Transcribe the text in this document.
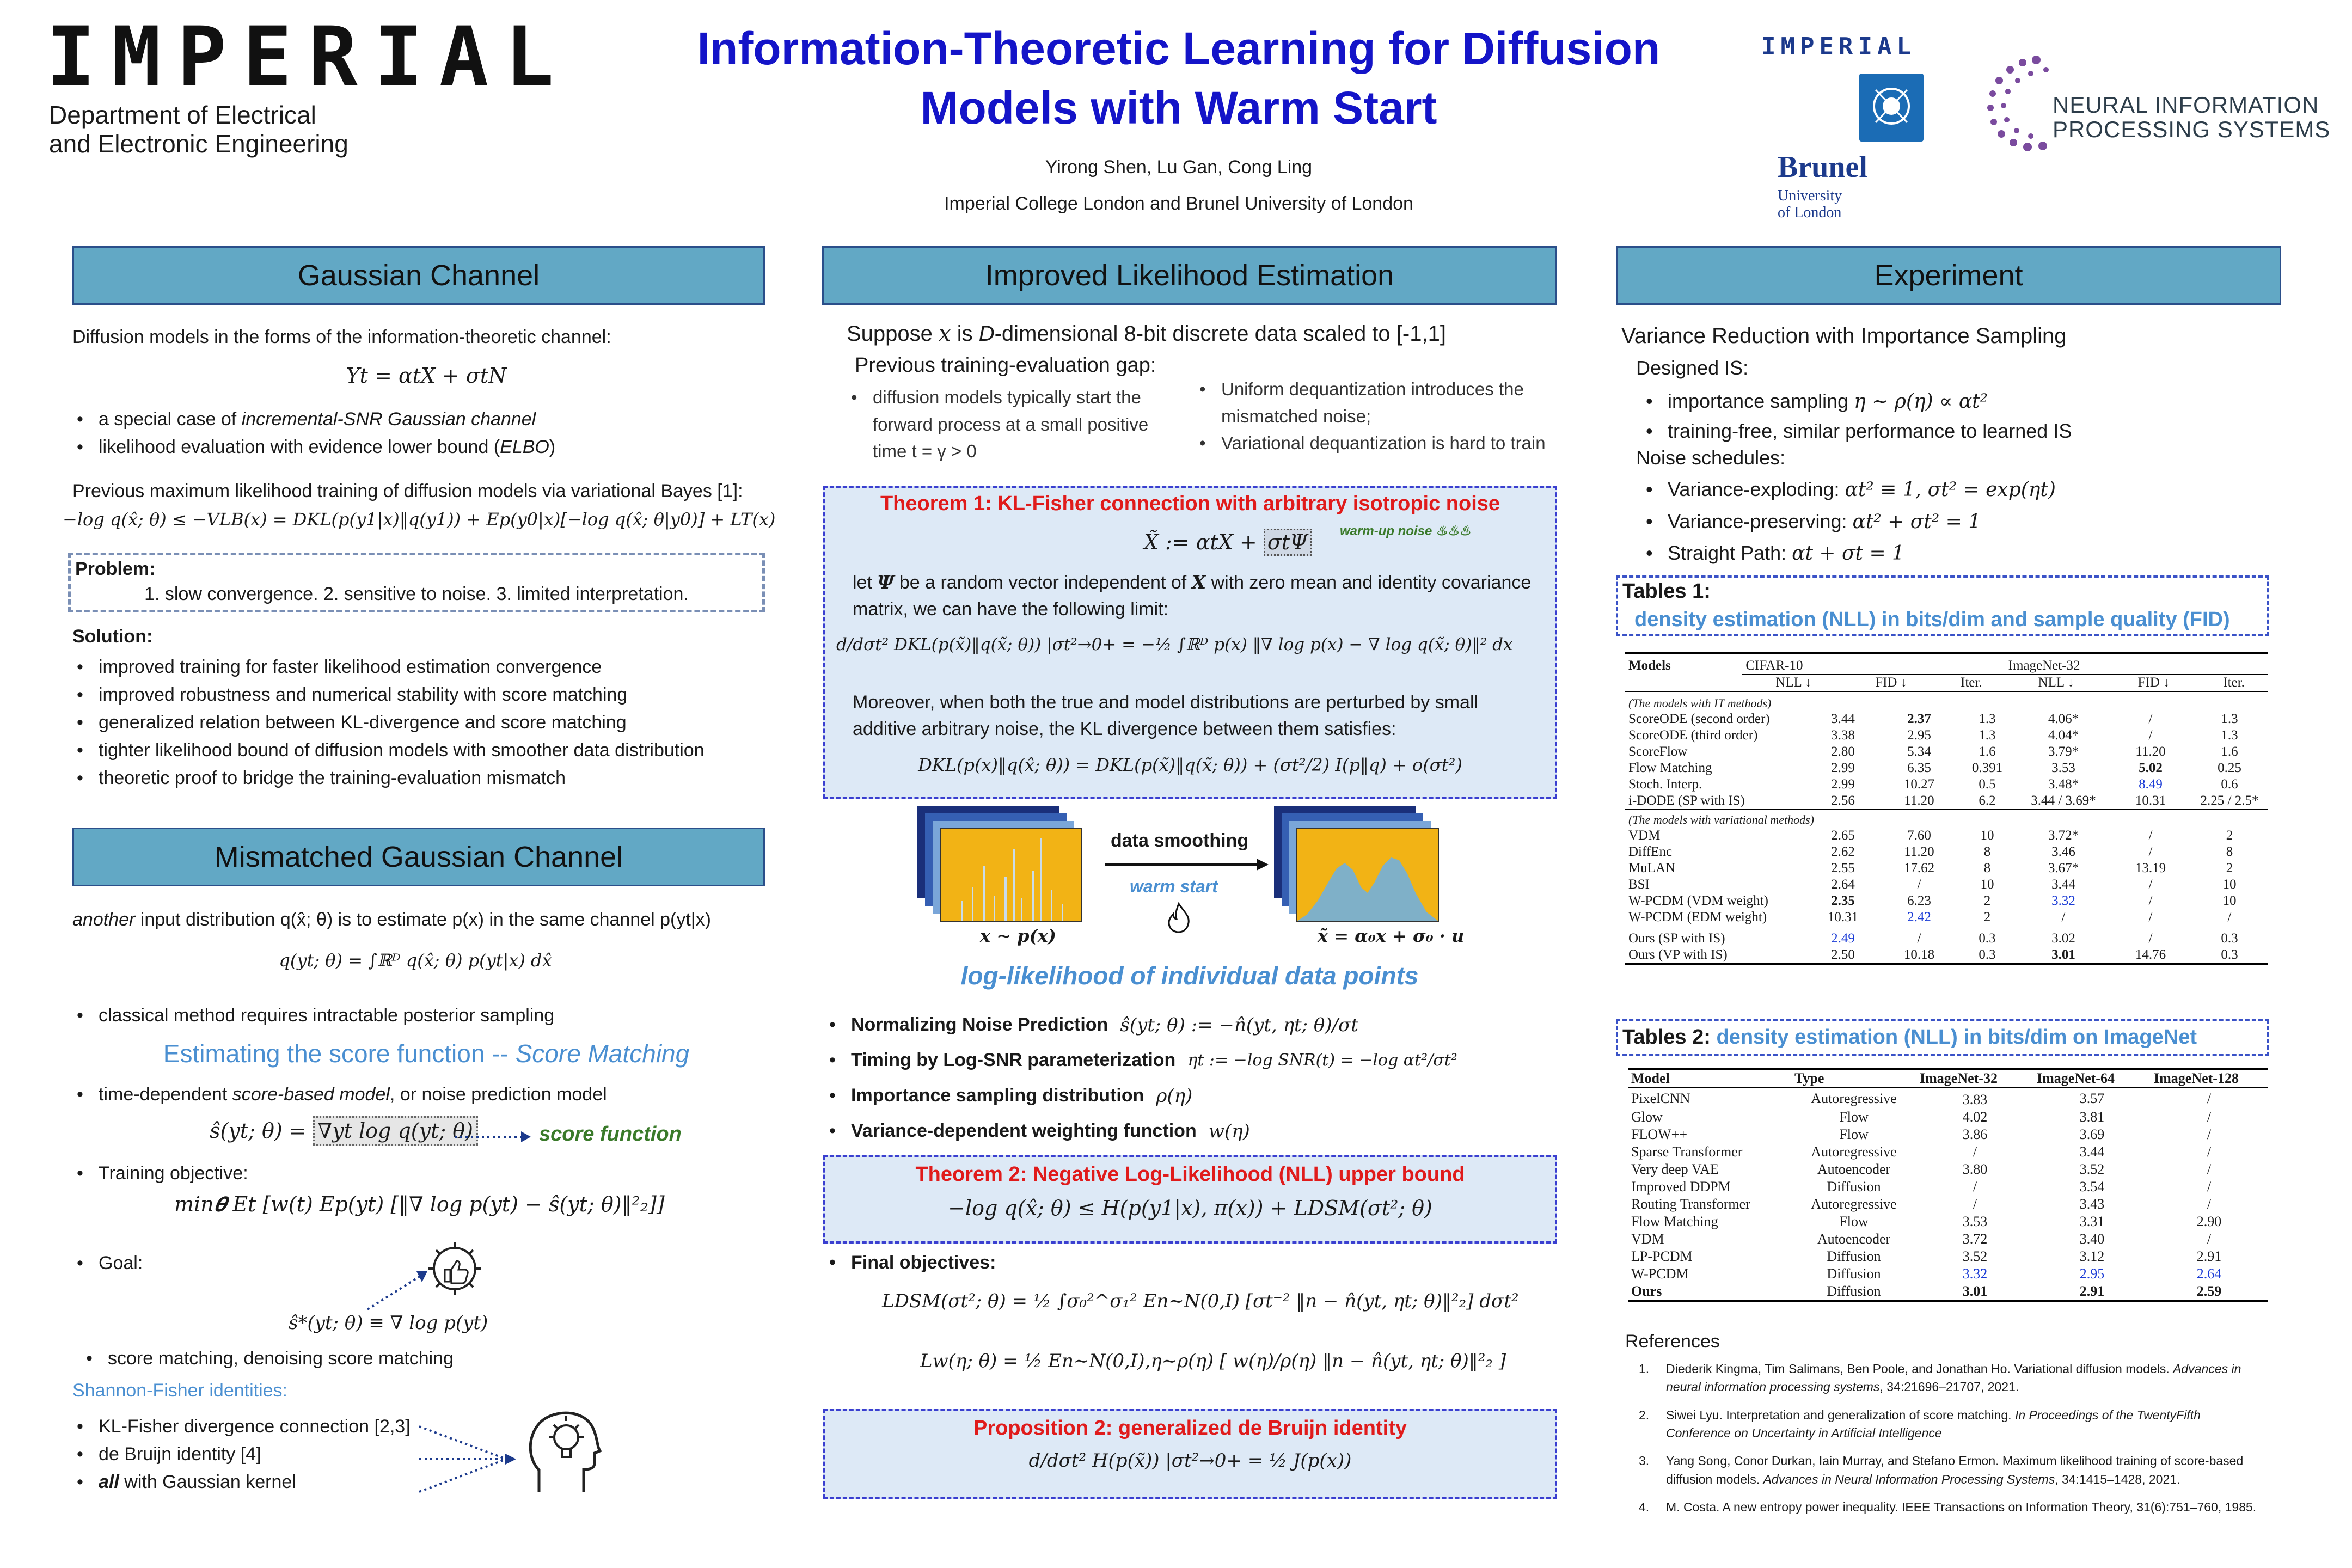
IMPERIAL
Department of Electrical
and Electronic Engineering
Information-Theoretic Learning for Diffusion
Models with Warm Start
Yirong Shen, Lu Gan, Cong Ling
Imperial College London and Brunel University of London
IMPERIAL
Brunel
University
of London
NEURAL INFORMATION
PROCESSING SYSTEMS
Gaussian Channel
Diffusion models in the forms of the information-theoretic channel:
Yt = αtX + σtN
• a special case of incremental-SNR Gaussian channel
• likelihood evaluation with evidence lower bound (ELBO)
Previous maximum likelihood training of diffusion models via variational Bayes [1]:
−log q(x̂; θ) ≤ −VLB(x) = DKL(p(y1|x)‖q(y1)) + Ep(y0|x)[−log q(x̂; θ|y0)] + LT(x)
Problem:
1. slow convergence. 2. sensitive to noise. 3. limited interpretation.
Solution:
• improved training for faster likelihood estimation convergence
• improved robustness and numerical stability with score matching
• generalized relation between KL-divergence and score matching
• tighter likelihood bound of diffusion models with smoother data distribution
• theoretic proof to bridge the training-evaluation mismatch
Mismatched Gaussian Channel
another input distribution q(x̂; θ) is to estimate p(x) in the same channel p(yt|x)
q(yt; θ) = ∫ℝᴰ q(x̂; θ) p(yt|x) dx̂
• classical method requires intractable posterior sampling
Estimating the score function -- Score Matching
• time-dependent score-based model, or noise prediction model
ŝ(yt; θ) = ∇yt log q(yt; θ)	score function
• Training objective:
min𝜽 Et [w(t) Ep(yt) [‖∇ log p(yt) − ŝ(yt; θ)‖²₂]]
• Goal:
ŝ*(yt; θ) ≡ ∇ log p(yt)
• score matching, denoising score matching
Shannon-Fisher identities:
• KL-Fisher divergence connection [2,3]
• de Bruijn identity [4]
• all with Gaussian kernel
Improved Likelihood Estimation
Suppose x is D-dimensional 8-bit discrete data scaled to [-1,1]
Previous training-evaluation gap:
• diffusion models typically start the forward process at a small positive time t = γ > 0
• Uniform dequantization introduces the mismatched noise;
• Variational dequantization is hard to train
Theorem 1: KL-Fisher connection with arbitrary isotropic noise
X̃ := αtX + σtΨ warm-up noise ♨♨♨
let Ψ be a random vector independent of X with zero mean and identity covariance matrix, we can have the following limit:
d/dσt² DKL(p(x̃)‖q(x̃; θ)) |σt²→0+ = −½ ∫ℝᴰ p(x) ‖∇ log p(x) − ∇ log q(x̃; θ)‖² dx
Moreover, when both the true and model distributions are perturbed by small additive arbitrary noise, the KL divergence between them satisfies:
DKL(p(x)‖q(x̂; θ)) = DKL(p(x̃)‖q(x̃; θ)) + (σt²/2) I(p‖q) + o(σt²)
data smoothing
warm start
x ∼ p(x)	x̃ = α₀x + σ₀ · u
log-likelihood of individual data points
• Normalizing Noise Prediction ŝ(yt; θ) := −n̂(yt, ηt; θ)/σt
• Timing by Log-SNR parameterization ηt := −log SNR(t) = −log αt²/σt²
• Importance sampling distribution ρ(η)
• Variance-dependent weighting function w(η)
Theorem 2: Negative Log-Likelihood (NLL) upper bound
−log q(x̂; θ) ≤ H(p(y1|x), π(x)) + LDSM(σt²; θ)
• Final objectives:
LDSM(σt²; θ) = ½ ∫σ₀²^σ₁² En∼N(0,I) [σt⁻² ‖n − n̂(yt, ηt; θ)‖²₂] dσt²
Lw(η; θ) = ½ En∼N(0,I),η∼ρ(η) [ w(η)/ρ(η) ‖n − n̂(yt, ηt; θ)‖²₂ ]
Proposition 2: generalized de Bruijn identity
d/dσt² H(p(x̃)) |σt²→0+ = ½ J(p(x))
Experiment
Variance Reduction with Importance Sampling
Designed IS:
• importance sampling η ∼ ρ(η) ∝ αt²
• training-free, similar performance to learned IS
Noise schedules:
• Variance-exploding: αt² ≡ 1, σt² = exp(ηt)
• Variance-preserving: αt² + σt² = 1
• Straight Path: αt + σt = 1
Tables 1:
density estimation (NLL) in bits/dim and sample quality (FID)
Models	CIFAR-10			ImageNet-32		
	NLL ↓	FID ↓	Iter.	NLL ↓	FID ↓	Iter.
(The models with IT methods)						
ScoreODE (second order)	3.44	2.37	1.3	4.06*	/	1.3
ScoreODE (third order)	3.38	2.95	1.3	4.04*	/	1.3
ScoreFlow	2.80	5.34	1.6	3.79*	11.20	1.6
Flow Matching	2.99	6.35	0.391	3.53	5.02	0.25
Stoch. Interp.	2.99	10.27	0.5	3.48*	8.49	0.6
i-DODE (SP with IS)	2.56	11.20	6.2	3.44 / 3.69*	10.31	2.25 / 2.5*
(The models with variational methods)
VDM	2.65	7.60	10	3.72*	/	2
DiffEnc	2.62	11.20	8	3.46	/	8
MuLAN	2.55	17.62	8	3.67*	13.19	2
BSI	2.64	/	10	3.44	/	10
W-PCDM (VDM weight)	2.35	6.23	2	3.32	/	10
W-PCDM (EDM weight)	10.31	2.42	2	/	/	/
Ours (SP with IS)	2.49	/	0.3	3.02	/	0.3
Ours (VP with IS)	2.50	10.18	0.3	3.01	14.76	0.3
Tables 2: density estimation (NLL) in bits/dim on ImageNet
Model	Type	ImageNet-32	ImageNet-64	ImageNet-128
PixelCNN	Autoregressive	3.83	3.57	/
Glow	Flow	4.02	3.81	/
FLOW++	Flow	3.86	3.69	/
Sparse Transformer	Autoregressive	/	3.44	/
Very deep VAE	Autoencoder	3.80	3.52	/
Improved DDPM	Diffusion	/	3.54	/
Routing Transformer	Autoregressive	/	3.43	/
Flow Matching	Flow	3.53	3.31	2.90
VDM	Autoencoder	3.72	3.40	/
LP-PCDM	Diffusion	3.52	3.12	2.91
W-PCDM	Diffusion	3.32	2.95	2.64
Ours	Diffusion	3.01	2.91	2.59
References
1.	Diederik Kingma, Tim Salimans, Ben Poole, and Jonathan Ho. Variational diffusion models. Advances in neural information processing systems, 34:21696–21707, 2021.
2.	Siwei Lyu. Interpretation and generalization of score matching. In Proceedings of the TwentyFifth Conference on Uncertainty in Artificial Intelligence
3.	Yang Song, Conor Durkan, Iain Murray, and Stefano Ermon. Maximum likelihood training of score-based diffusion models. Advances in Neural Information Processing Systems, 34:1415–1428, 2021.
4.	M. Costa. A new entropy power inequality. IEEE Transactions on Information Theory, 31(6):751–760, 1985.
